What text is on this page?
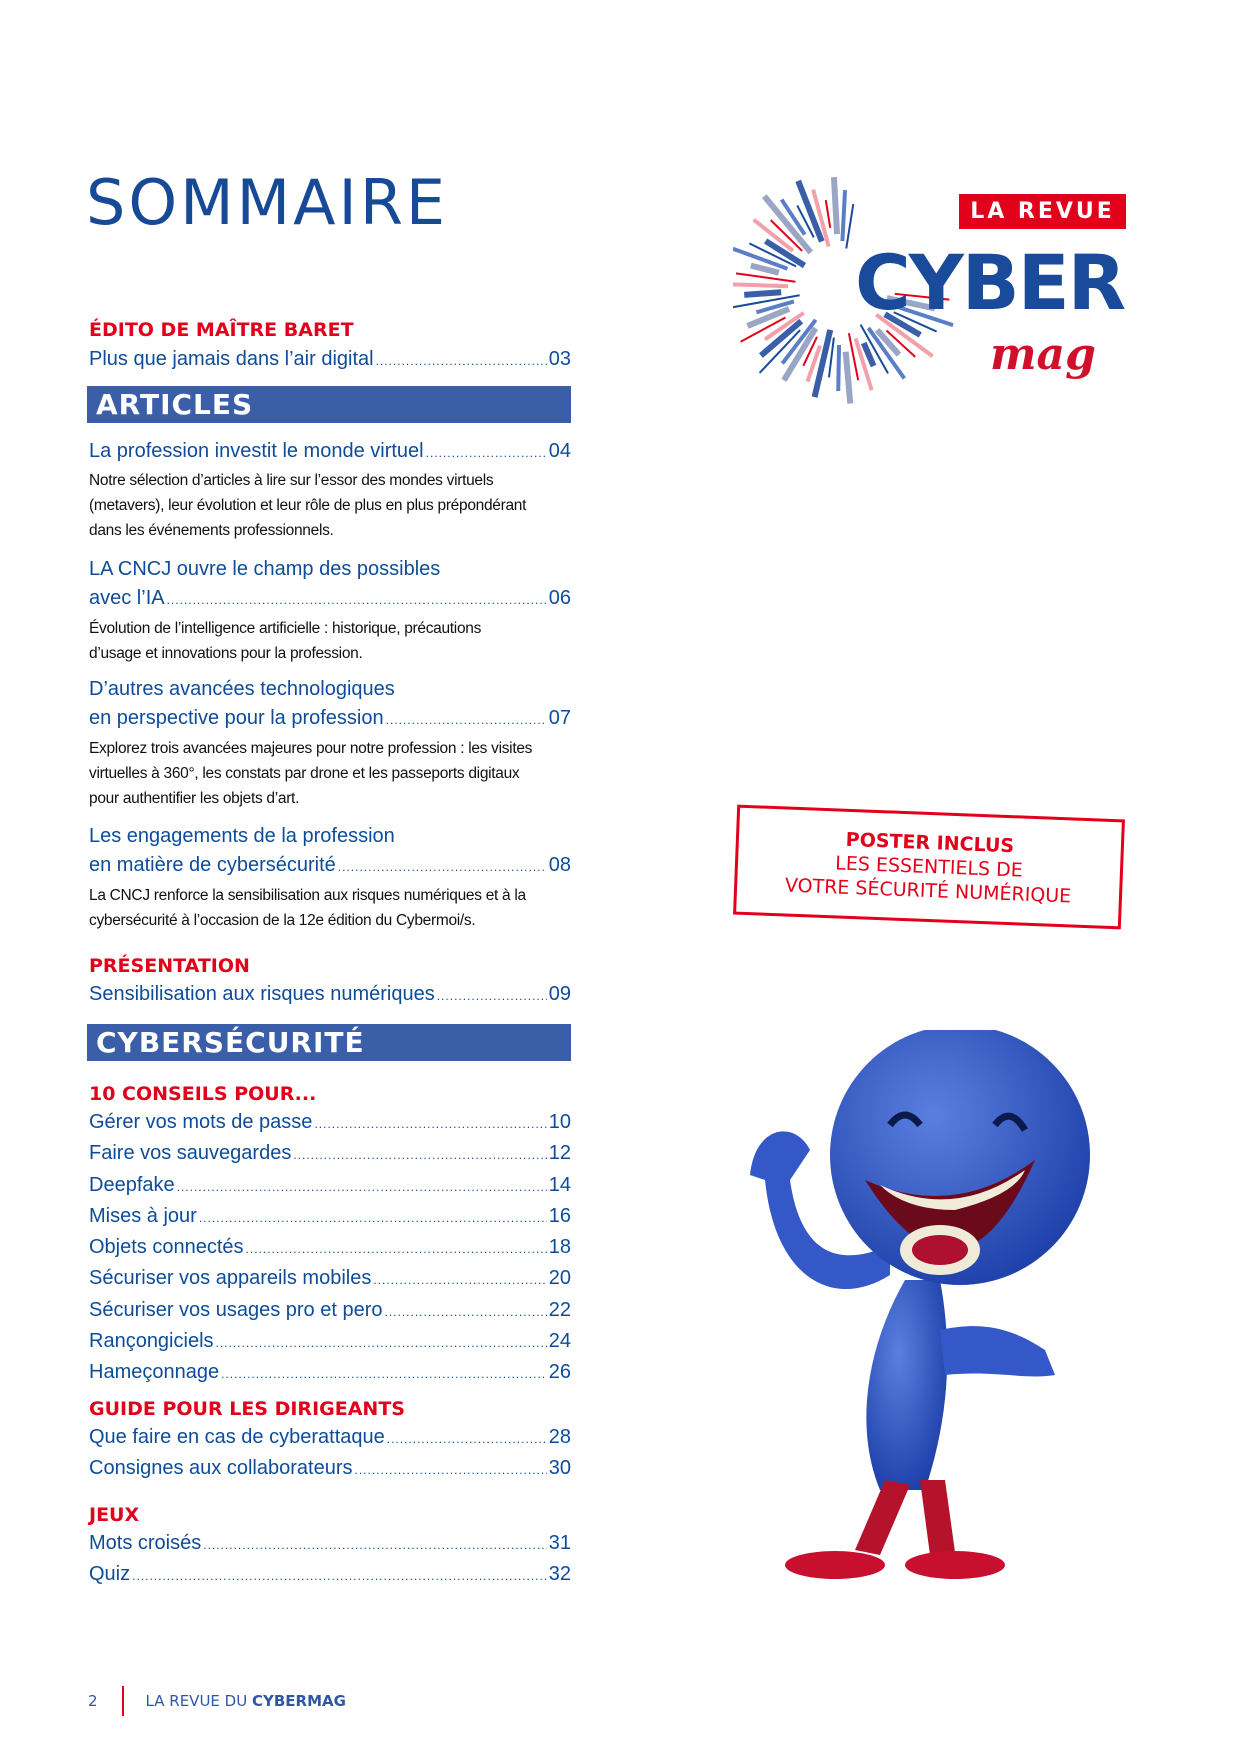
SOMMAIRE
ÉDITO DE MAÎTRE BARET
Plus que jamais dans l’air digital .....	03
ARTICLES
La profession investit le monde virtuel .....	04
Notre sélection d’articles à lire sur l’essor des mondes virtuels
(metavers), leur évolution et leur rôle de plus en plus prépondérant
dans les événements professionnels.
LA CNCJ ouvre le champ des possibles
avec l’IA .....	06
Évolution de l’intelligence artificielle : historique, précautions
d’usage et innovations pour la profession.
D’autres avancées technologiques
en perspective pour la profession .....	07
Explorez trois avancées majeures pour notre profession : les visites
virtuelles à 360°, les constats par drone et les passeports digitaux
pour authentifier les objets d’art.
Les engagements de la profession
en matière de cybersécurité .....	08
La CNCJ renforce la sensibilisation aux risques numériques et à la
cybersécurité à l’occasion de la 12e édition du Cybermoi/s.
PRÉSENTATION
Sensibilisation aux risques numériques .....	09
CYBERSÉCURITÉ
10 CONSEILS POUR...
Gérer vos mots de passe .....	10
Faire vos sauvegardes .....	12
Deepfake .....	14
Mises à jour .....	16
Objets connectés .....	18
Sécuriser vos appareils mobiles .....	20
Sécuriser vos usages pro et pero .....	22
Rançongiciels .....	24
Hameçonnage .....	26
GUIDE POUR LES DIRIGEANTS
Que faire en cas de cyberattaque .....	28
Consignes aux collaborateurs .....	30
JEUX
Mots croisés .....	31
Quiz .....	32
LA REVUE
CYBER
mag
POSTER INCLUS
LES ESSENTIELS DE
VOTRE SÉCURITÉ NUMÉRIQUE
2	LA REVUE DU CYBERMAG
